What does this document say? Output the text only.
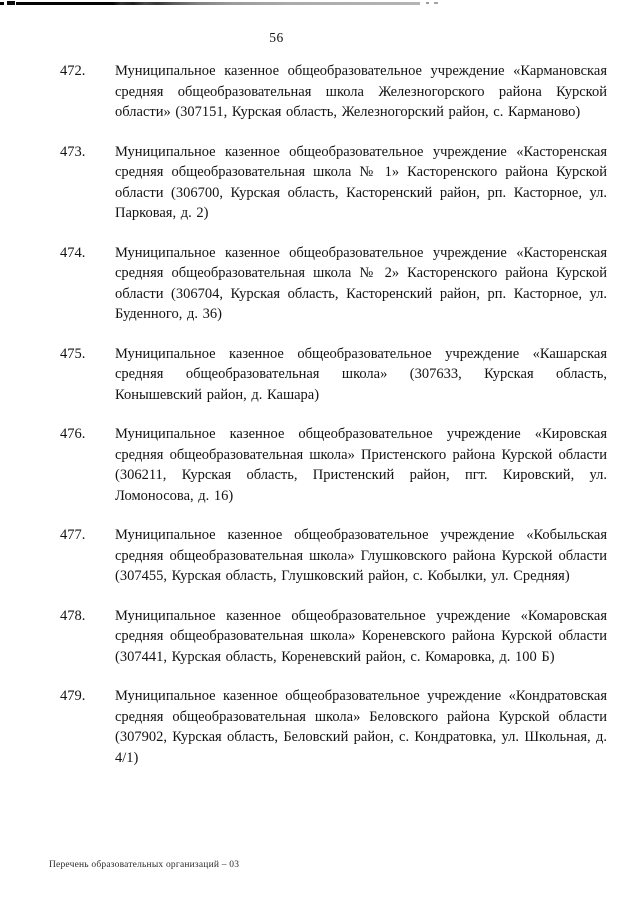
56
472.	Муниципальное казенное общеобразовательное учреждение «Кармановская средняя общеобразовательная школа Железногорского района Курской области» (307151, Курская область, Железногорский район, с. Карманово)

473.	Муниципальное казенное общеобразовательное учреждение «Касторенская средняя общеобразовательная школа № 1» Касторенского района Курской области (306700, Курская область, Касторенский район, рп. Касторное, ул. Парковая, д. 2)

474.	Муниципальное казенное общеобразовательное учреждение «Касторенская средняя общеобразовательная школа № 2» Касторенского района Курской области (306704, Курская область, Касторенский район, рп. Касторное, ул. Буденного, д. 36)

475.	Муниципальное казенное общеобразовательное учреждение «Кашарская средняя общеобразовательная школа» (307633, Курская область, Конышевский район, д. Кашара)

476.	Муниципальное казенное общеобразовательное учреждение «Кировская средняя общеобразовательная школа» Пристенского района Курской области (306211, Курская область, Пристенский район, пгт. Кировский, ул. Ломоносова, д. 16)

477.	Муниципальное казенное общеобразовательное учреждение «Кобыльская средняя общеобразовательная школа» Глушковского района Курской области (307455, Курская область, Глушковский район, с. Кобылки, ул. Средняя)

478.	Муниципальное казенное общеобразовательное учреждение «Комаровская средняя общеобразовательная школа» Кореневского района Курской области (307441, Курская область, Кореневский район, с. Комаровка, д. 100 Б)

479.	Муниципальное казенное общеобразовательное учреждение «Кондратовская средняя общеобразовательная школа» Беловского района Курской области (307902, Курская область, Беловский район, с. Кондратовка, ул. Школьная, д. 4/1)

Перечень образовательных организаций – 03
